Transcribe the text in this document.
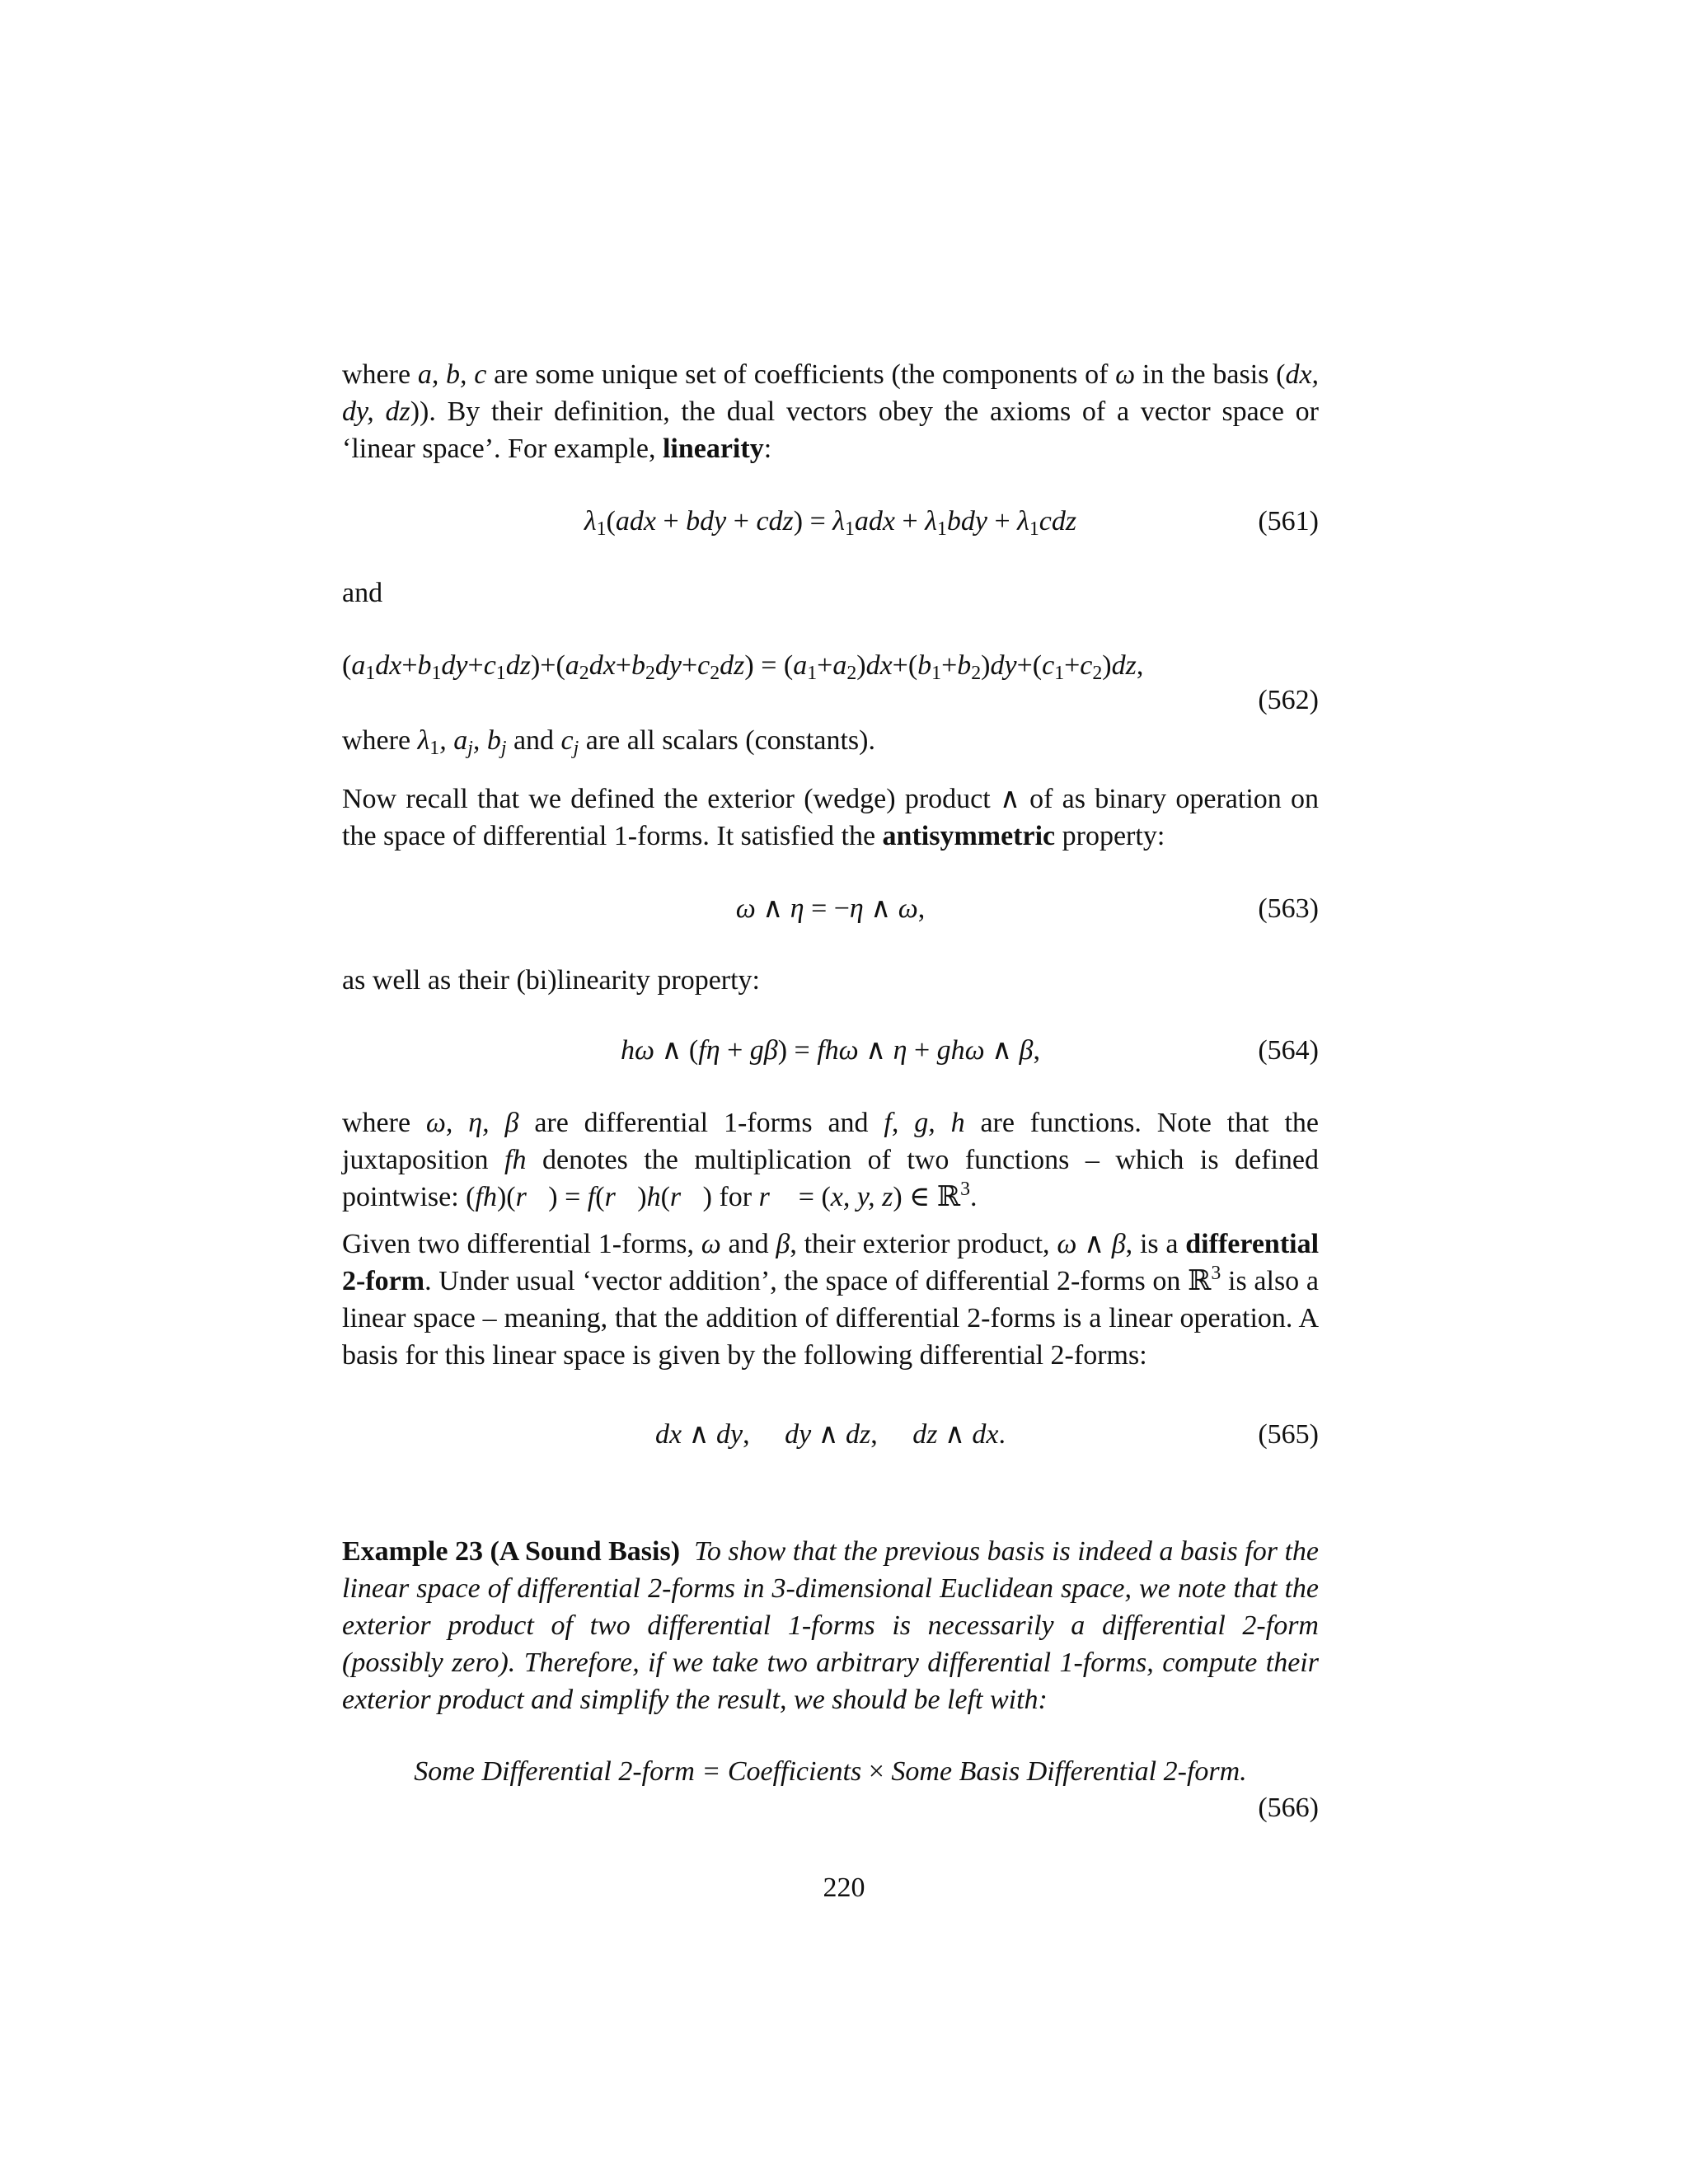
where a, b, c are some unique set of coefficients (the components of ω in the basis (dx, dy, dz)). By their definition, the dual vectors obey the axioms of a vector space or ‘linear space’. For example, linearity:

$\lambda_1(adx$ + bdy + $cdz) = \lambda_1adx + \lambda_1bdy + \lambda_1cdz$	(561)
and
$(a_1dx+b_1dy+c_1dz)+(a_2dx+b_2dy+c_2dz) = (a_1+a_2)dx+(b_1+b_2)dy+(c_1+c_2)dz$,
(562)

where $\lambda_1$, $a_j$, $b_j$ and $c_j$ are all scalars (constants).

Now recall that we defined the exterior (wedge) product ∧ of as binary operation on the space of differential 1-forms. It satisfied the antisymmetric property:

ω ∧ η = −η ∧ ω,	(563)
as well as their (bi)linearity property:
hω ∧ (fη + gβ) = fhω ∧ η + ghω ∧ β,	(564)

where ω, η, β are differential 1-forms and f, g, h are functions. Note that the juxtaposition fh denotes the multiplication of two functions – which is defined pointwise: (fh)(r⃗) = f(r⃗)h(r⃗) for r⃗ = (x, y, z) ∈ ℝ$^3$.

Given two differential 1-forms, ω and β, their exterior product, ω ∧ β, is a differential 2-form. Under usual ‘vector addition’, the space of differential 2-forms on ℝ$^3$ is also a linear space – meaning, that the addition of differential 2-forms is a linear operation. A basis for this linear space is given by the following differential 2-forms:

dx ∧ dy,     dy ∧ dz,     dz ∧ dx.	(565)

Example 23 (A Sound Basis) To show that the previous basis is indeed a basis for the linear space of differential 2-forms in 3-dimensional Euclidean space, we note that the exterior product of two differential 1-forms is necessarily a differential 2-form (possibly zero). Therefore, if we take two arbitrary differential 1-forms, compute their exterior product and simplify the result, we should be left with:

Some Differential 2-form = Coefficients × Some Basis Differential 2-form.
(566)
220
